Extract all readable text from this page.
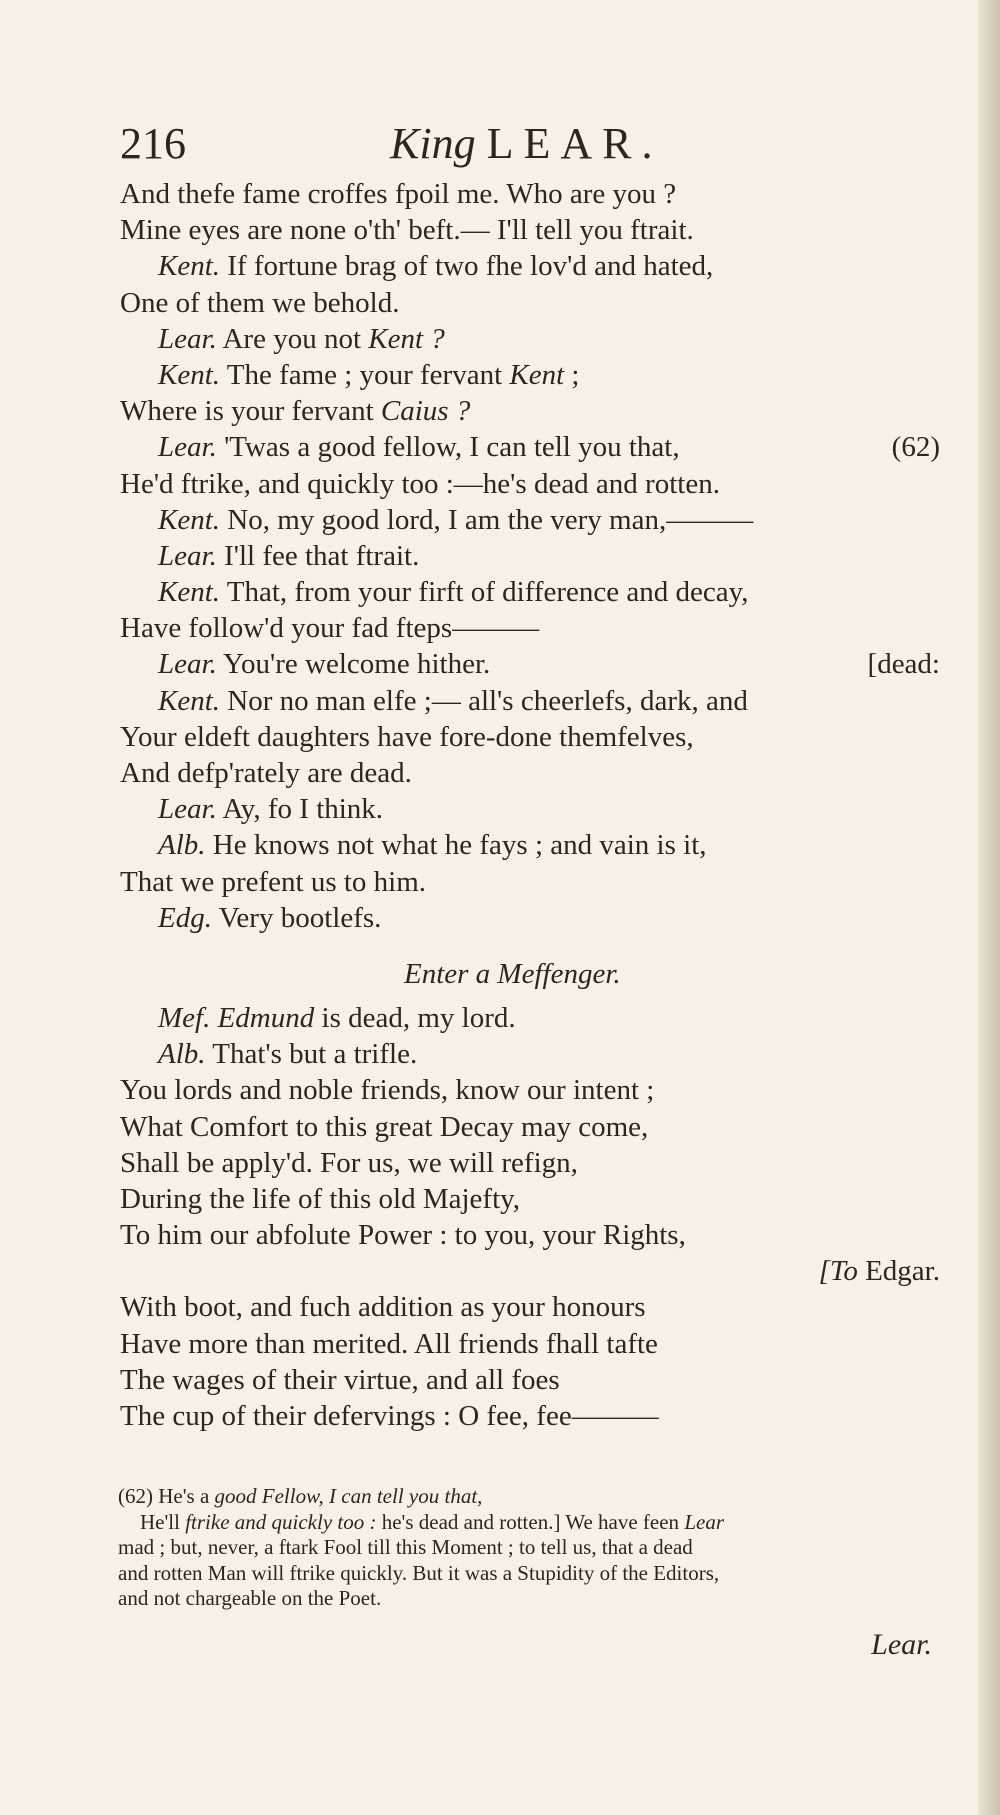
216	King LEAR.
And thefe fame croffes fpoil me. Who are you ?
Mine eyes are none o'th' beft.— I'll tell you ftrait.
Kent. If fortune brag of two fhe lov'd and hated,
One of them we behold.
Lear. Are you not Kent ?
Kent. The fame ; your fervant Kent ;
Where is your fervant Caius ?
Lear. 'Twas a good fellow, I can tell you that,	(62)
He'd ftrike, and quickly too :—he's dead and rotten.
Kent. No, my good lord, I am the very man,———
Lear. I'll fee that ftrait.
Kent. That, from your firft of difference and decay,
Have follow'd your fad fteps———
Lear. You're welcome hither.	[dead:
Kent. Nor no man elfe ;— all's cheerlefs, dark, and
Your eldeft daughters have fore-done themfelves,
And defp'rately are dead.
Lear. Ay, fo I think.
Alb. He knows not what he fays ; and vain is it,
That we prefent us to him.
Edg. Very bootlefs.
Enter a Meffenger.
Mef. Edmund is dead, my lord.
Alb. That's but a trifle.
You lords and noble friends, know our intent ;
What Comfort to this great Decay may come,
Shall be apply'd. For us, we will refign,
During the life of this old Majefty,
To him our abfolute Power : to you, your Rights,
[To Edgar.
With boot, and fuch addition as your honours
Have more than merited. All friends fhall tafte
The wages of their virtue, and all foes
The cup of their defervings : O fee, fee———
(62) He's a good Fellow, I can tell you that,
He'll ftrike and quickly too : he's dead and rotten.] We have feen Lear
mad ; but, never, a ftark Fool till this Moment ; to tell us, that a dead
and rotten Man will ftrike quickly. But it was a Stupidity of the Editors,
and not chargeable on the Poet.
Lear.
